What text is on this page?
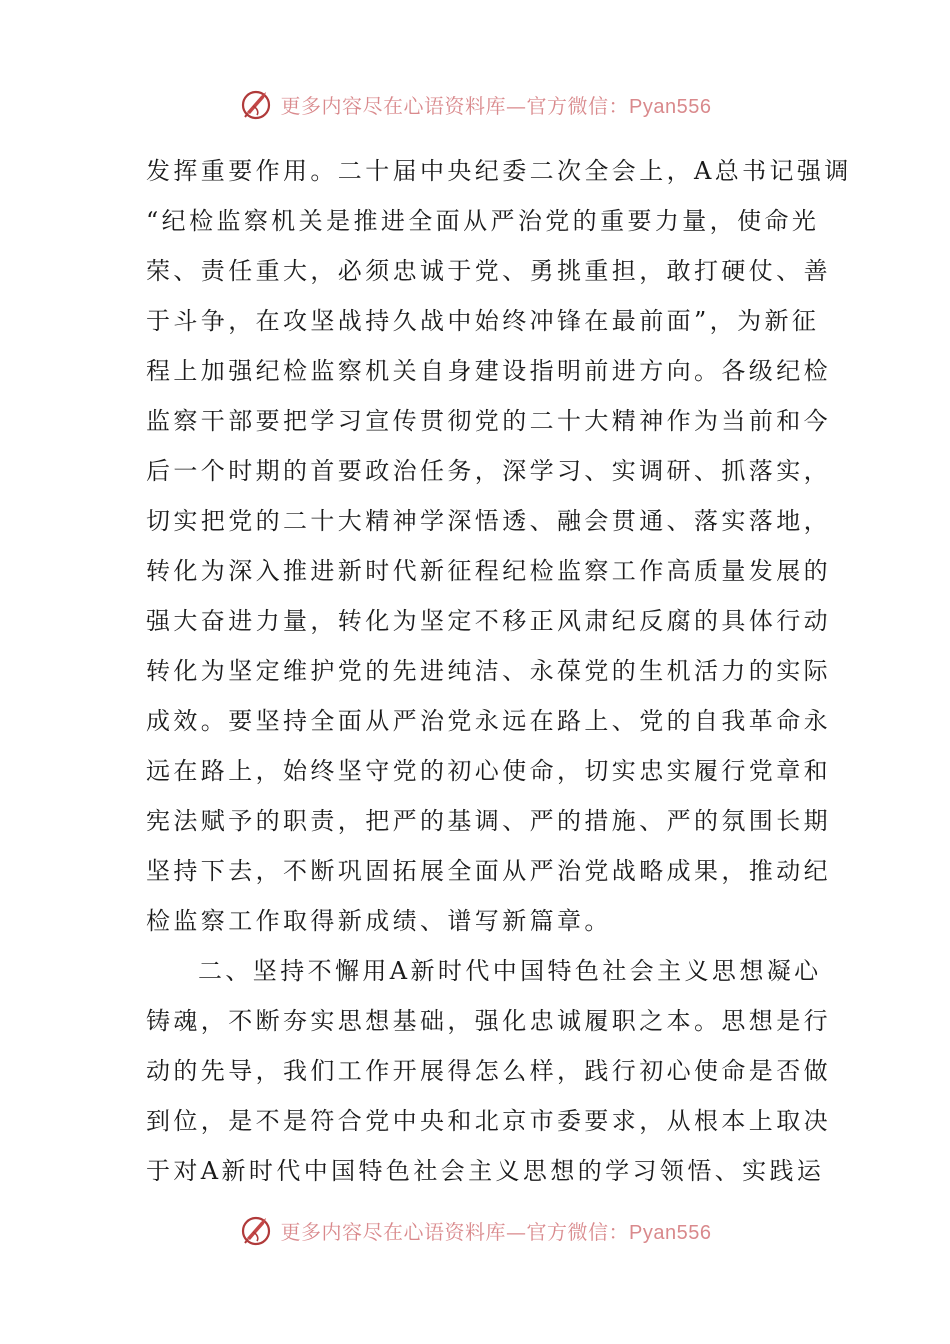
更多内容尽在心语资料库—官方微信：Pyan556
发挥重要作用。二十届中央纪委二次全会上，A总书记强调
“纪检监察机关是推进全面从严治党的重要力量，使命光
荣、责任重大，必须忠诚于党、勇挑重担，敢打硬仗、善
于斗争，在攻坚战持久战中始终冲锋在最前面”，为新征
程上加强纪检监察机关自身建设指明前进方向。各级纪检
监察干部要把学习宣传贯彻党的二十大精神作为当前和今
后一个时期的首要政治任务，深学习、实调研、抓落实，
切实把党的二十大精神学深悟透、融会贯通、落实落地，
转化为深入推进新时代新征程纪检监察工作高质量发展的
强大奋进力量，转化为坚定不移正风肃纪反腐的具体行动
转化为坚定维护党的先进纯洁、永葆党的生机活力的实际
成效。要坚持全面从严治党永远在路上、党的自我革命永
远在路上，始终坚守党的初心使命，切实忠实履行党章和
宪法赋予的职责，把严的基调、严的措施、严的氛围长期
坚持下去，不断巩固拓展全面从严治党战略成果，推动纪
检监察工作取得新成绩、谱写新篇章。
二、坚持不懈用A新时代中国特色社会主义思想凝心
铸魂，不断夯实思想基础，强化忠诚履职之本。思想是行
动的先导，我们工作开展得怎么样，践行初心使命是否做
到位，是不是符合党中央和北京市委要求，从根本上取决
于对A新时代中国特色社会主义思想的学习领悟、实践运
更多内容尽在心语资料库—官方微信：Pyan556
